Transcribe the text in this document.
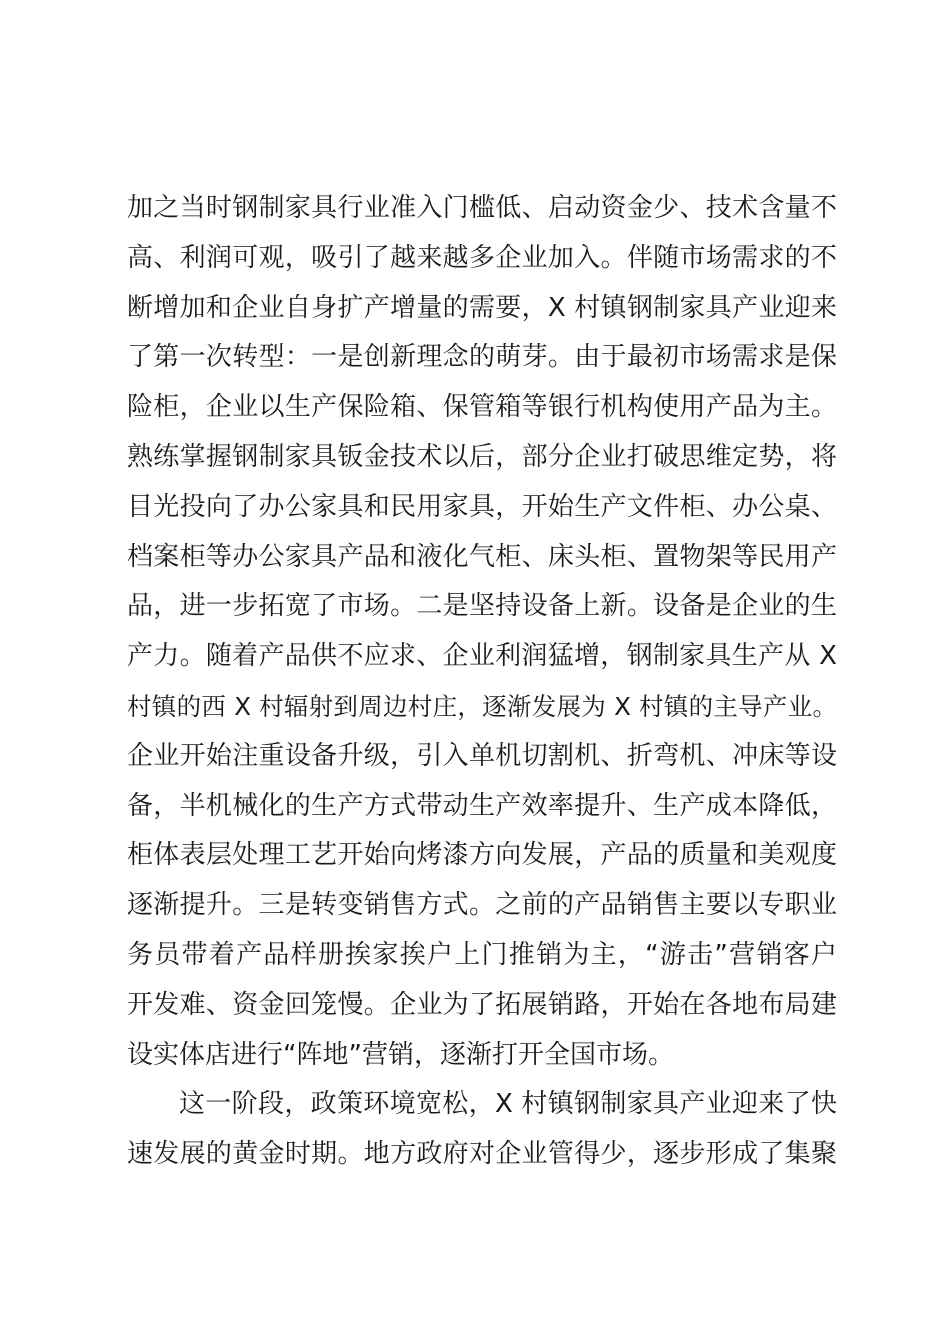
加之当时钢制家具行业准入门槛低、启动资金少、技术含量不
高、利润可观，吸引了越来越多企业加入。伴随市场需求的不
断增加和企业自身扩产增量的需要，X 村镇钢制家具产业迎来
了第一次转型：一是创新理念的萌芽。由于最初市场需求是保
险柜，企业以生产保险箱、保管箱等银行机构使用产品为主。
熟练掌握钢制家具钣金技术以后，部分企业打破思维定势，将
目光投向了办公家具和民用家具，开始生产文件柜、办公桌、
档案柜等办公家具产品和液化气柜、床头柜、置物架等民用产
品，进一步拓宽了市场。二是坚持设备上新。设备是企业的生
产力。随着产品供不应求、企业利润猛增，钢制家具生产从 X
村镇的西 X 村辐射到周边村庄，逐渐发展为 X 村镇的主导产业。
企业开始注重设备升级，引入单机切割机、折弯机、冲床等设
备，半机械化的生产方式带动生产效率提升、生产成本降低，
柜体表层处理工艺开始向烤漆方向发展，产品的质量和美观度
逐渐提升。三是转变销售方式。之前的产品销售主要以专职业
务员带着产品样册挨家挨户上门推销为主，“游击”营销客户
开发难、资金回笼慢。企业为了拓展销路，开始在各地布局建
设实体店进行“阵地”营销，逐渐打开全国市场。
这一阶段，政策环境宽松，X 村镇钢制家具产业迎来了快
速发展的黄金时期。地方政府对企业管得少，逐步形成了集聚
